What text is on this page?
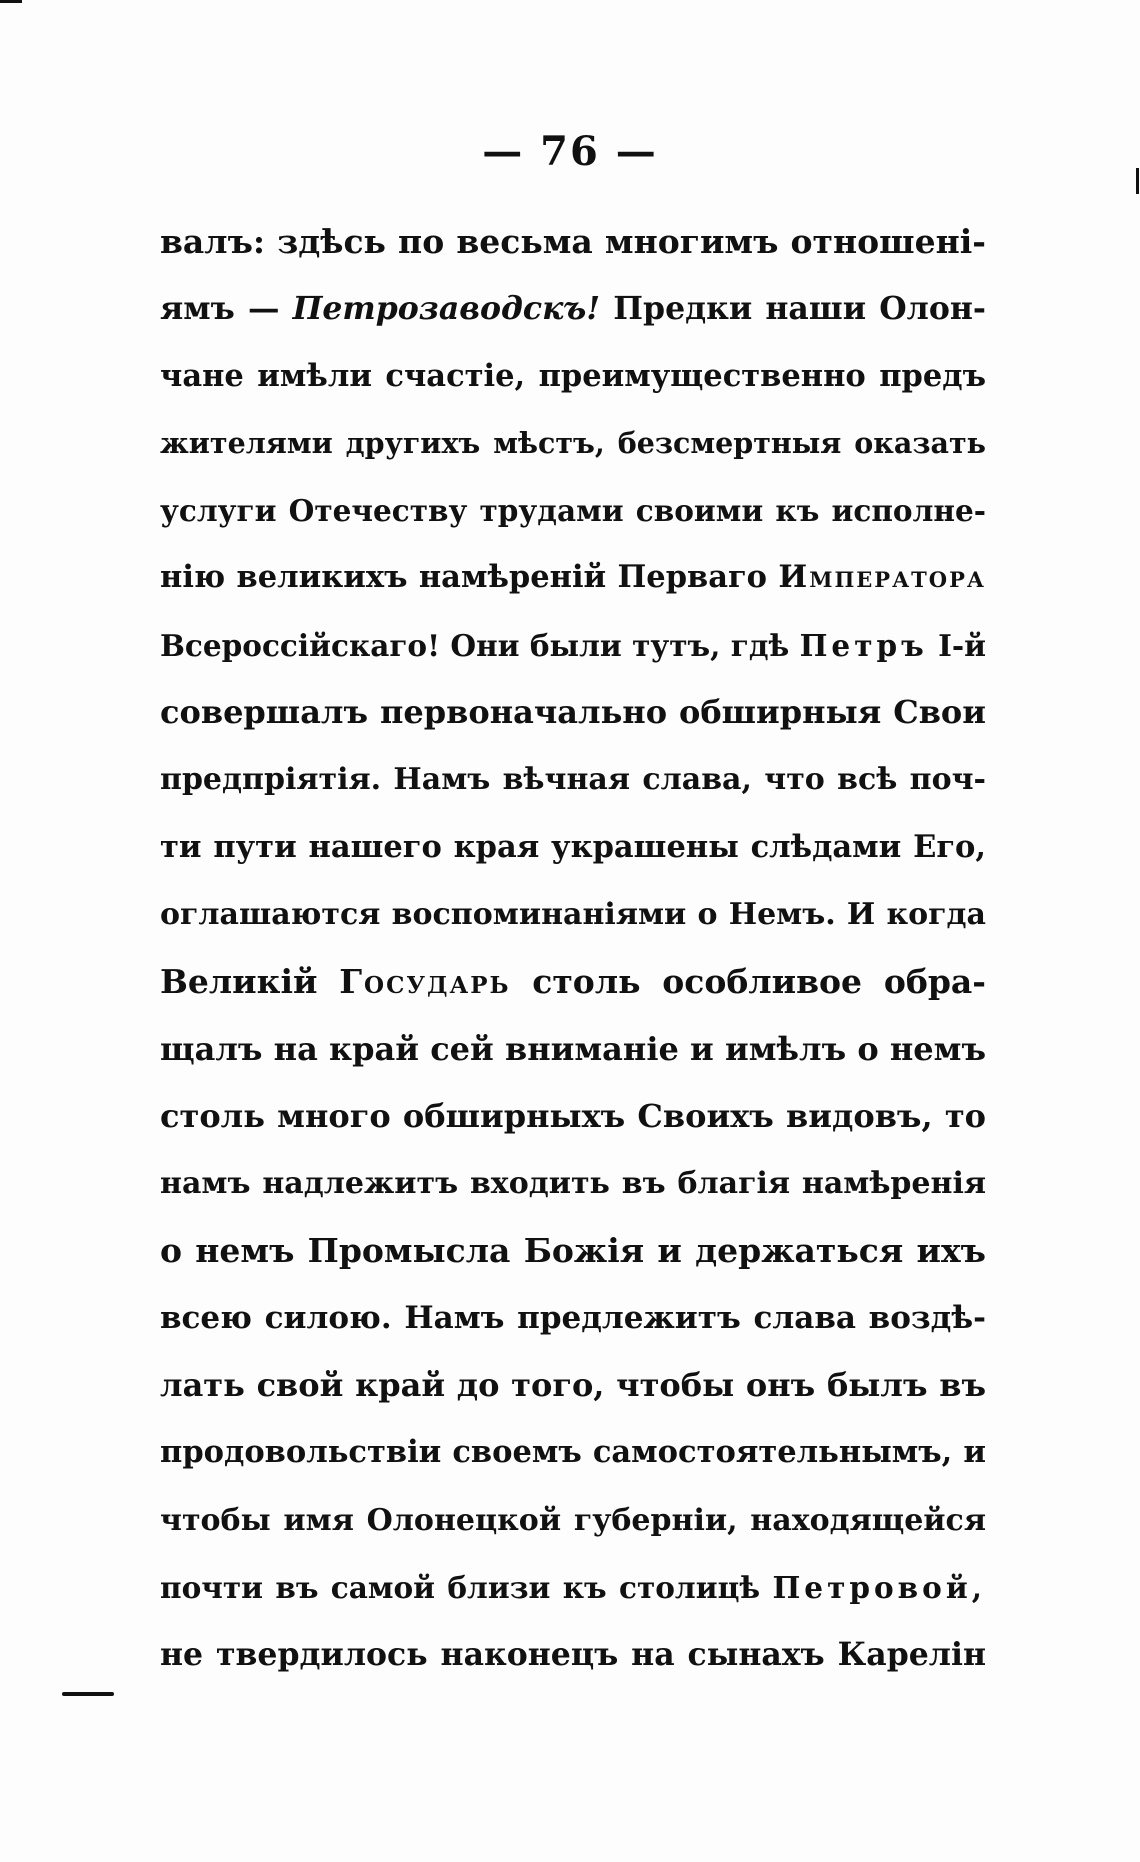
— 76 —
валъ: здѣсь по весьма многимъ отношені-
ямъ — Петрозаводскъ! Предки наши Олон-
чане имѣли счастіе, преимущественно предъ
жителями другихъ мѣстъ, безсмертныя оказать
услуги Отечеству трудами своими къ исполне-
нію великихъ намѣреній Перваго Императора
Всероссійскаго! Они были тутъ, гдѣ Петръ I-й
совершалъ первоначально обширныя Свои
предпріятія. Намъ вѣчная слава, что всѣ поч-
ти пути нашего края украшены слѣдами Его,
оглашаются воспоминаніями о Немъ. И когда
Великій Государь столь особливое обра-
щалъ на край сей вниманіе и имѣлъ о немъ
столь много обширныхъ Своихъ видовъ, то
намъ надлежитъ входить въ благія намѣренія
о немъ Промысла Божія и держаться ихъ
всею силою. Намъ предлежитъ слава воздѣ-
лать свой край до того, чтобы онъ былъ въ
продовольствіи своемъ самостоятельнымъ, и
чтобы имя Олонецкой губерніи, находящейся
почти въ самой близи къ столицѣ Петровой,
не твердилось наконецъ на сынахъ Карелін
